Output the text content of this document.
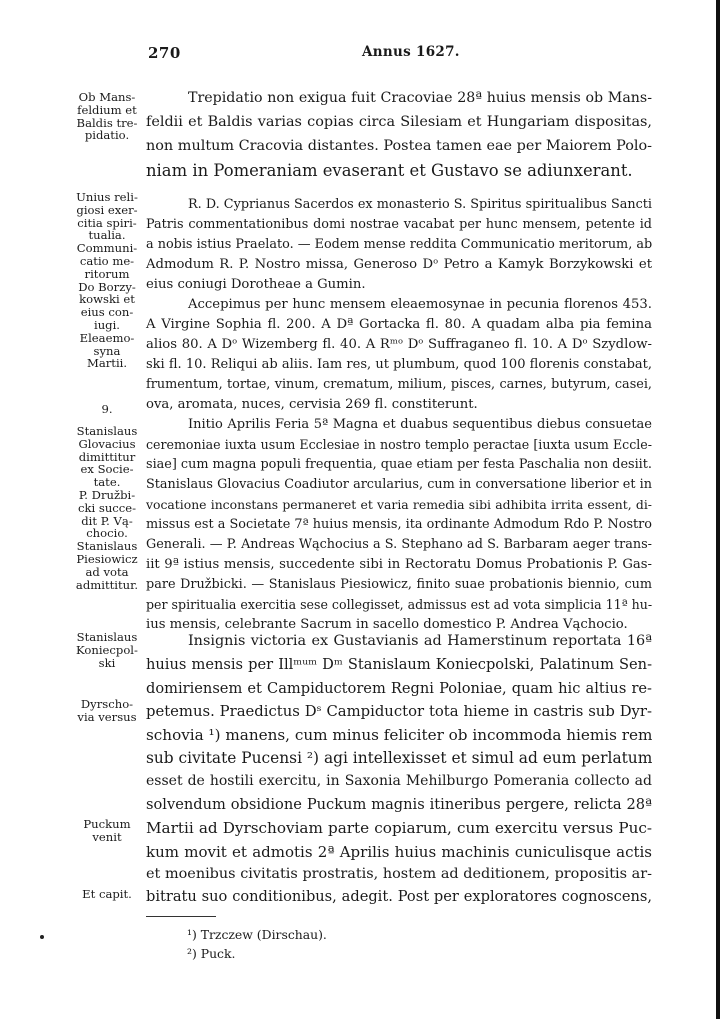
270	Annus 1627.
Ob Mans-
feldium et
Baldis tre-
pidatio.
Unius reli-
giosi exer-
citia spiri-
tualia.
Communi-
catio me-
ritorum
Do Borzy-
kowski et
eius con-
iugi.
Eleaemo-
syna
Martii.
9.
Stanislaus
Glovacius
dimittitur
ex Socie-
tate.
P. Družbi-
cki succe-
dit P. Vą-
chocio.
Stanislaus
Piesiowicz
ad vota
admittitur.
Stanislaus
Koniecpol-
ski
Dyrscho-
via versus
Puckum
venit
Et capit.
Trepidatio non exigua fuit Cracoviae 28ª huius mensis ob Mans-
feldii et Baldis varias copias circa Silesiam et Hungariam dispositas,
non multum Cracovia distantes. Postea tamen eae per Maiorem Polo-
niam in Pomeraniam evaserant et Gustavo se adiunxerant.
R. D. Cyprianus Sacerdos ex monasterio S. Spiritus spiritualibus Sancti
Patris commentationibus domi nostrae vacabat per hunc mensem, petente id
a nobis istius Praelato. — Eodem mense reddita Communicatio meritorum, ab
Admodum R. P. Nostro missa, Generoso Dᵒ Petro a Kamyk Borzykowski et
eius coniugi Dorotheae a Gumin.
Accepimus per hunc mensem eleaemosynae in pecunia florenos 453.
A Virgine Sophia fl. 200. A Dª Gortacka fl. 80. A quadam alba pia femina
alios 80. A Dᵒ Wizemberg fl. 40. A Rᵐᵒ Dᵒ Suffraganeo fl. 10. A Dᵒ Szydlow-
ski fl. 10. Reliqui ab aliis. Iam res, ut plumbum, quod 100 florenis constabat,
frumentum, tortae, vinum, crematum, milium, pisces, carnes, butyrum, casei,
ova, aromata, nuces, cervisia 269 fl. constiterunt.
Initio Aprilis Feria 5ª Magna et duabus sequentibus diebus consuetae
ceremoniae iuxta usum Ecclesiae in nostro templo peractae [iuxta usum Eccle-
siae] cum magna populi frequentia, quae etiam per festa Paschalia non desiit.
Stanislaus Glovacius Coadiutor arcularius, cum in conversatione liberior et in
vocatione inconstans permaneret et varia remedia sibi adhibita irrita essent, di-
missus est a Societate 7ª huius mensis, ita ordinante Admodum Rdo P. Nostro
Generali. — P. Andreas Wąchocius a S. Stephano ad S. Barbaram aeger trans-
iit 9ª istius mensis, succedente sibi in Rectoratu Domus Probationis P. Gas-
pare Družbicki. — Stanislaus Piesiowicz, finito suae probationis biennio, cum
per spiritualia exercitia sese collegisset, admissus est ad vota simplicia 11ª hu-
ius mensis, celebrante Sacrum in sacello domestico P. Andrea Vąchocio.
Insignis victoria ex Gustavianis ad Hamerstinum reportata 16ª
huius mensis per Illᵐᵘᵐ Dᵐ Stanislaum Koniecpolski, Palatinum Sen-
domiriensem et Campiductorem Regni Poloniae, quam hic altius re-
petemus. Praedictus Dˢ Campiductor tota hieme in castris sub Dyr-
schovia ¹) manens, cum minus feliciter ob incommoda hiemis rem
sub civitate Pucensi ²) agi intellexisset et simul ad eum perlatum
esset de hostili exercitu, in Saxonia Mehilburgo Pomerania collecto ad
solvendum obsidione Puckum magnis itineribus pergere, relicta 28ª
Martii ad Dyrschoviam parte copiarum, cum exercitu versus Puc-
kum movit et admotis 2ª Aprilis huius machinis cuniculisque actis
et moenibus civitatis prostratis, hostem ad deditionem, propositis ar-
bitratu suo conditionibus, adegit. Post per exploratores cognoscens,
¹) Trzczew (Dirschau).
²) Puck.
